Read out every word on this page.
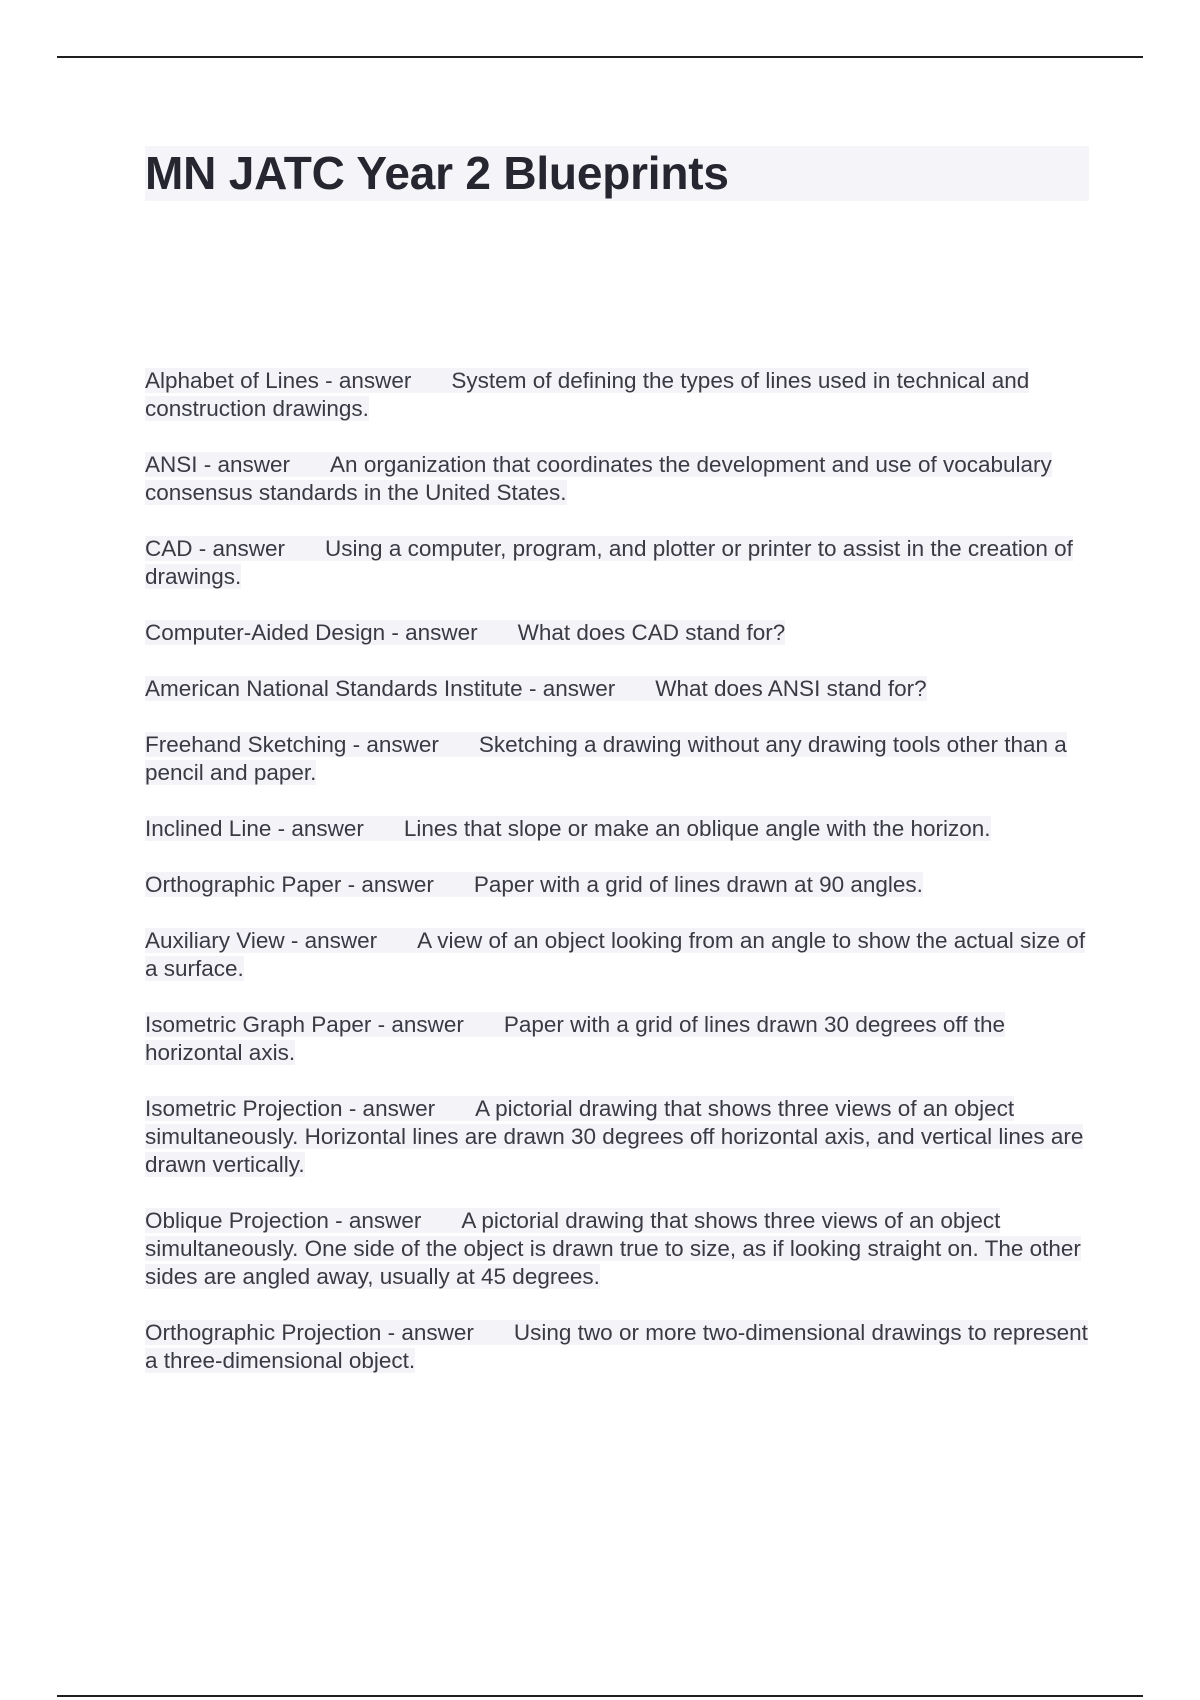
MN JATC Year 2 Blueprints

Alphabet of Lines - answer System of defining the types of lines used in technical and construction drawings.

ANSI - answer An organization that coordinates the development and use of vocabulary consensus standards in the United States.

CAD - answer Using a computer, program, and plotter or printer to assist in the creation of drawings.

Computer-Aided Design - answer What does CAD stand for?

American National Standards Institute - answer What does ANSI stand for?

Freehand Sketching - answer Sketching a drawing without any drawing tools other than a pencil and paper.

Inclined Line - answer Lines that slope or make an oblique angle with the horizon.

Orthographic Paper - answer Paper with a grid of lines drawn at 90 angles.

Auxiliary View - answer A view of an object looking from an angle to show the actual size of a surface.

Isometric Graph Paper - answer Paper with a grid of lines drawn 30 degrees off the horizontal axis.

Isometric Projection - answer A pictorial drawing that shows three views of an object simultaneously. Horizontal lines are drawn 30 degrees off horizontal axis, and vertical lines are drawn vertically.

Oblique Projection - answer A pictorial drawing that shows three views of an object simultaneously. One side of the object is drawn true to size, as if looking straight on. The other sides are angled away, usually at 45 degrees.

Orthographic Projection - answer Using two or more two-dimensional drawings to represent a three-dimensional object.
